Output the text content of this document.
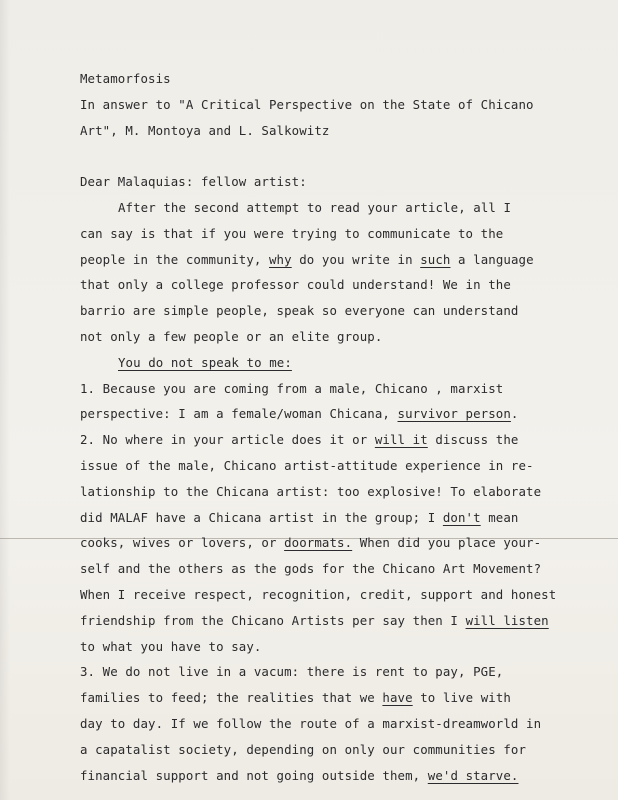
Metamorfosis
In answer to "A Critical Perspective on the State of Chicano
Art", M. Montoya and L. Salkowitz
Dear Malaquias: fellow artist:
After the second attempt to read your article, all I
can say is that if you were trying to communicate to the
people in the community, why do you write in such a language
that only a college professor could understand! We in the
barrio are simple people, speak so everyone can understand
not only a few people or an elite group.
You do not speak to me:
1. Because you are coming from a male, Chicano , marxist
perspective: I am a female/woman Chicana, survivor person.
2. No where in your article does it or will it discuss the
issue of the male, Chicano artist-attitude experience in re-
lationship to the Chicana artist: too explosive! To elaborate
did MALAF have a Chicana artist in the group; I don't mean
cooks, wives or lovers, or doormats. When did you place your-
self and the others as the gods for the Chicano Art Movement?
When I receive respect, recognition, credit, support and honest
friendship from the Chicano Artists per say then I will listen
to what you have to say.
3. We do not live in a vacum: there is rent to pay, PGE,
families to feed; the realities that we have to live with
day to day. If we follow the route of a marxist-dreamworld in
a capatalist society, depending on only our communities for
financial support and not going outside them, we'd starve.
